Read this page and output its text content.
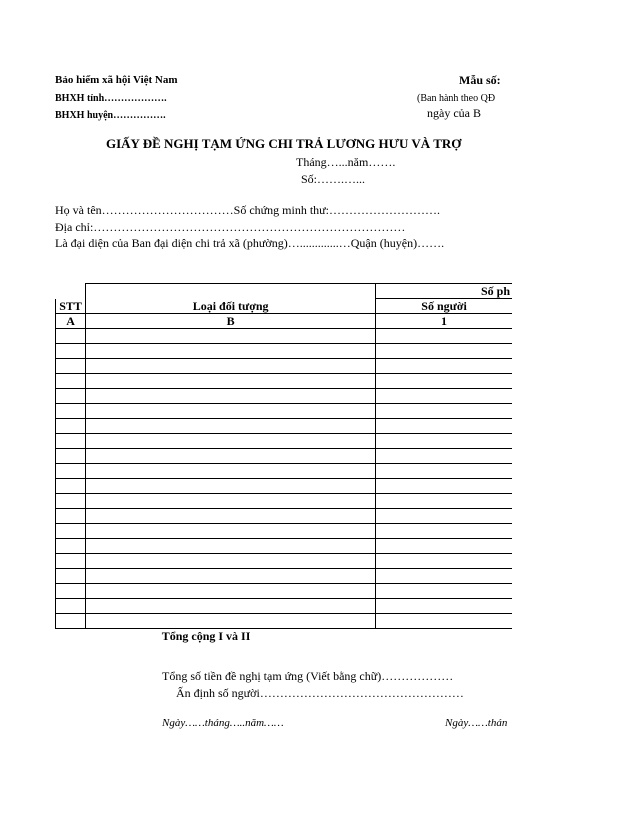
Bảo hiểm xã hội Việt Nam
BHXH tỉnh……………….
BHXH huyện…………….
Mẫu số:
(Ban hành theo QĐ
ngày của B
GIẤY ĐỀ NGHỊ TẠM ỨNG CHI TRẢ LƯƠNG HƯU VÀ TRỢ
Tháng…...năm…….
Số:…….…...
Họ và tên……………………………Số chứng minh thư:……………………….
Địa chỉ:……………………………………………………………………
Là đại diện của Ban đại diện chi trả xã (phường)….............…Quận (huyện)…….
		Số ph
STT	Loại đối tượng	Số người
A	B	1

	Tổng cộng I và II	
Tổng số tiền đề nghị tạm ứng (Viết bằng chữ)………………
Ấn định số người……………………………………………
Ngày……tháng…..năm……	Ngày……thán
